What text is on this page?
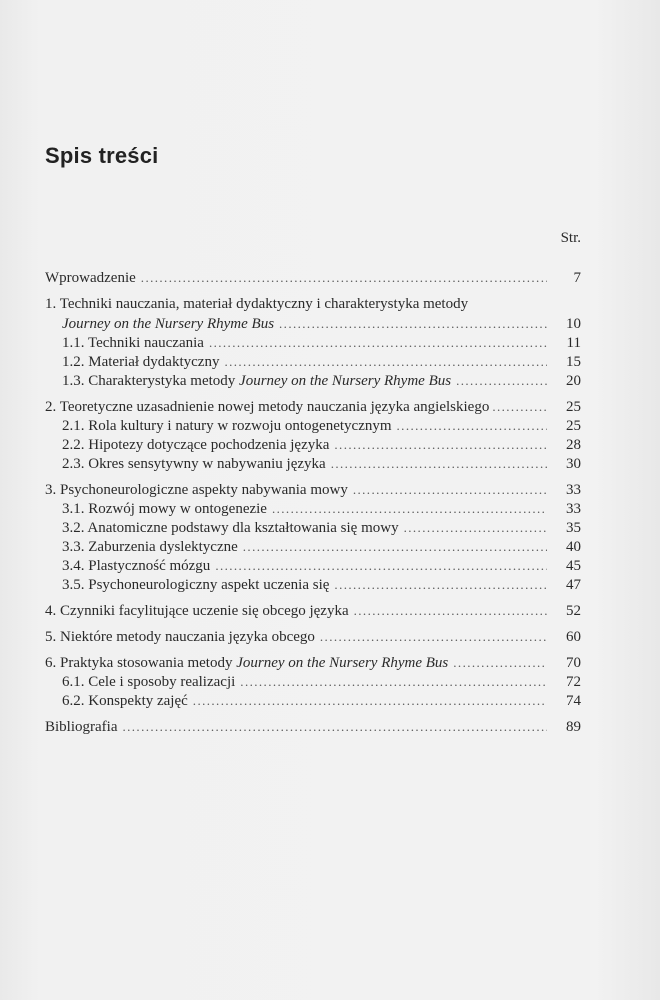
Spis treści
Str.
Wprowadzenie .....	7
1. Techniki nauczania, materiał dydaktyczny i charakterystyka metody
Journey on the Nursery Rhyme Bus .....	10
1.1. Techniki nauczania .....	11
1.2. Materiał dydaktyczny .....	15
1.3. Charakterystyka metody Journey on the Nursery Rhyme Bus .....	20
2. Teoretyczne uzasadnienie nowej metody nauczania języka angielskiego .....	25
2.1. Rola kultury i natury w rozwoju ontogenetycznym .....	25
2.2. Hipotezy dotyczące pochodzenia języka .....	28
2.3. Okres sensytywny w nabywaniu języka .....	30
3. Psychoneurologiczne aspekty nabywania mowy .....	33
3.1. Rozwój mowy w ontogenezie .....	33
3.2. Anatomiczne podstawy dla kształtowania się mowy .....	35
3.3. Zaburzenia dyslektyczne .....	40
3.4. Plastyczność mózgu .....	45
3.5. Psychoneurologiczny aspekt uczenia się .....	47
4. Czynniki facylitujące uczenie się obcego języka .....	52
5. Niektóre metody nauczania języka obcego .....	60
6. Praktyka stosowania metody Journey on the Nursery Rhyme Bus .....	70
6.1. Cele i sposoby realizacji .....	72
6.2. Konspekty zajęć .....	74
Bibliografia .....	89
